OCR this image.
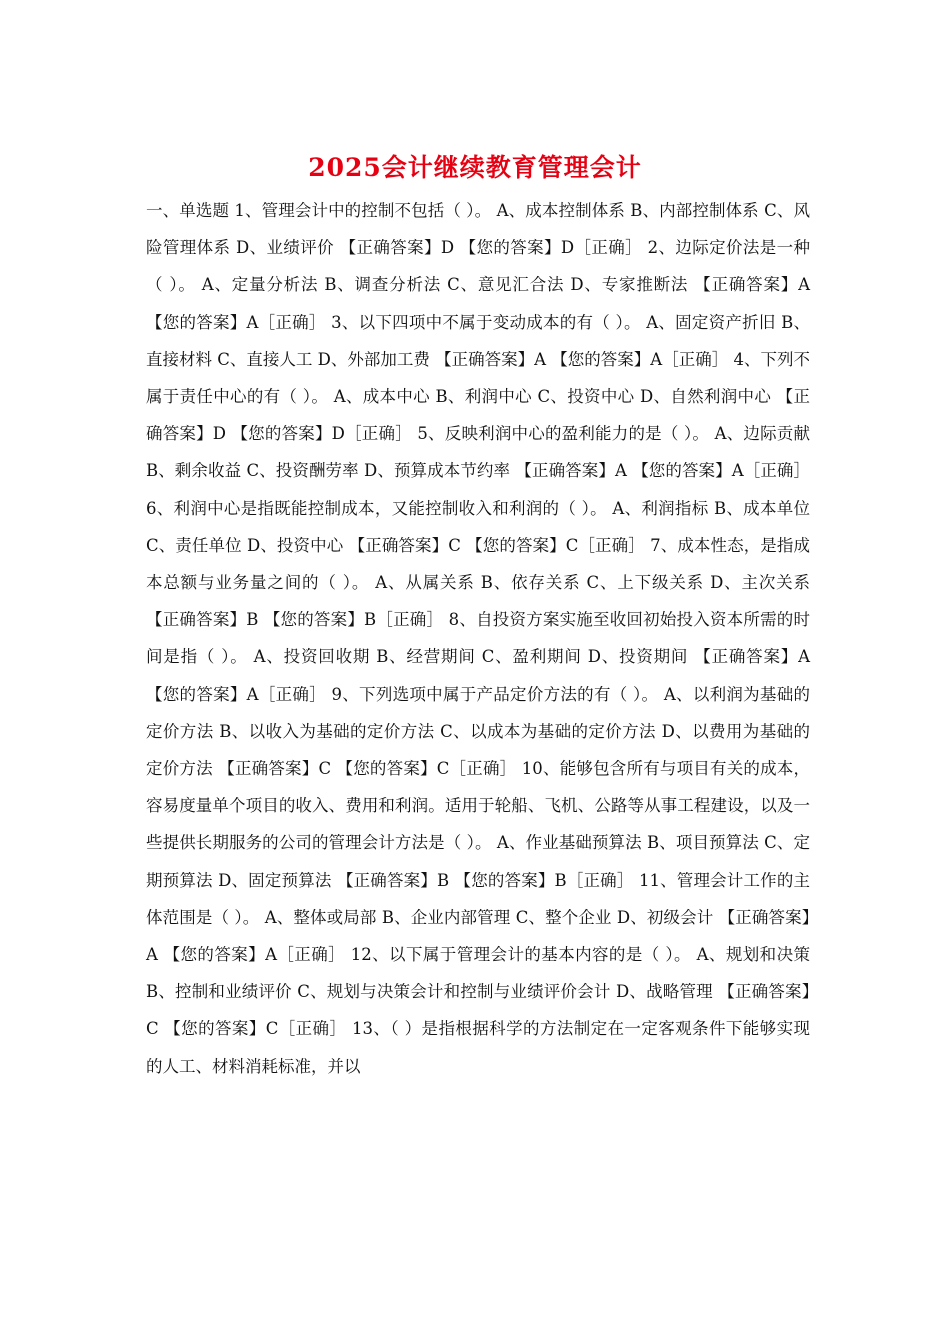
2025会计继续教育管理会计

一、单选题 1、管理会计中的控制不包括（ ）。 A、成本控制体系 B、内部控制体系 C、风险管理体系 D、业绩评价 【正确答案】D 【您的答案】D［正确］ 2、边际定价法是一种（ ）。 A、定量分析法 B、调查分析法 C、意见汇合法 D、专家推断法 【正确答案】A 【您的答案】A［正确］ 3、以下四项中不属于变动成本的有（ ）。 A、固定资产折旧 B、直接材料 C、直接人工 D、外部加工费 【正确答案】A 【您的答案】A［正确］ 4、下列不属于责任中心的有（ ）。 A、成本中心 B、利润中心 C、投资中心 D、自然利润中心 【正确答案】D 【您的答案】D［正确］ 5、反映利润中心的盈利能力的是（ ）。 A、边际贡献 B、剩余收益 C、投资酬劳率 D、预算成本节约率 【正确答案】A 【您的答案】A［正确］ 6、利润中心是指既能控制成本，又能控制收入和利润的（ ）。 A、利润指标 B、成本单位 C、责任单位 D、投资中心 【正确答案】C 【您的答案】C［正确］ 7、成本性态，是指成本总额与业务量之间的（ ）。 A、从属关系 B、依存关系 C、上下级关系 D、主次关系 【正确答案】B 【您的答案】B［正确］ 8、自投资方案实施至收回初始投入资本所需的时间是指（ ）。 A、投资回收期 B、经营期间 C、盈利期间 D、投资期间 【正确答案】A 【您的答案】A［正确］ 9、下列选项中属于产品定价方法的有（ ）。 A、以利润为基础的定价方法 B、以收入为基础的定价方法 C、以成本为基础的定价方法 D、以费用为基础的定价方法 【正确答案】C 【您的答案】C［正确］ 10、能够包含所有与项目有关的成本，容易度量单个项目的收入、费用和利润。适用于轮船、飞机、公路等从事工程建设，以及一些提供长期服务的公司的管理会计方法是（ ）。 A、作业基础预算法 B、项目预算法 C、定期预算法 D、固定预算法 【正确答案】B 【您的答案】B［正确］ 11、管理会计工作的主体范围是（ ）。 A、整体或局部 B、企业内部管理 C、整个企业 D、初级会计 【正确答案】A 【您的答案】A［正确］ 12、以下属于管理会计的基本内容的是（ ）。 A、规划和决策 B、控制和业绩评价 C、规划与决策会计和控制与业绩评价会计 D、战略管理 【正确答案】C 【您的答案】C［正确］ 13、（ ）是指根据科学的方法制定在一定客观条件下能够实现的人工、材料消耗标准，并以
